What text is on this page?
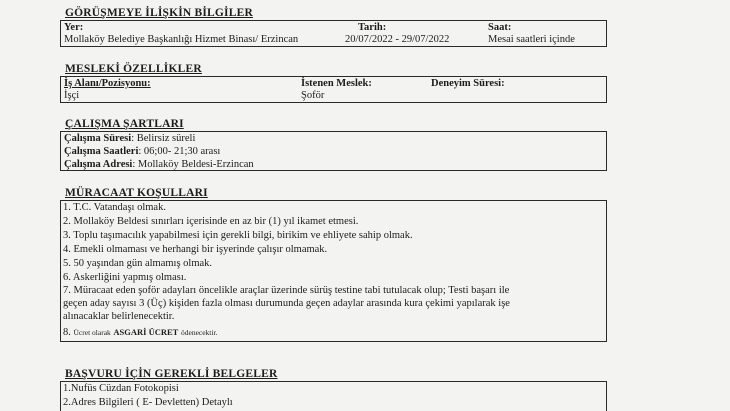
GÖRÜŞMEYE İLİŞKİN BİLGİLER
Yer:
Mollaköy Belediye Başkanlığı Hizmet Binası/ Erzincan
Tarih:
20/07/2022 - 29/07/2022
Saat:
Mesai saatleri içinde
MESLEKİ ÖZELLİKLER
İş Alanı/Pozisyonu:
İşçi
İstenen Meslek:
Şoför
Deneyim Süresi:
ÇALIŞMA ŞARTLARI
Çalışma Süresi: Belirsiz süreli
Çalışma Saatleri: 06;00- 21;30 arası
Çalışma Adresi: Mollaköy Beldesi-Erzincan
MÜRACAAT KOŞULLARI
1. T.C. Vatandaşı olmak.
2. Mollaköy Beldesi sınırları içerisinde en az bir (1) yıl ikamet etmesi.
3. Toplu taşımacılık yapabilmesi için gerekli bilgi, birikim ve ehliyete sahip olmak.
4. Emekli olmaması ve herhangi bir işyerinde çalışır olmamak.
5. 50 yaşından gün almamış olmak.
6. Askerliğini yapmış olması.
7. Müracaat eden şoför adayları öncelikle araçlar üzerinde sürüş testine tabi tutulacak olup; Testi başarı ile
geçen aday sayısı 3 (Üç) kişiden fazla olması durumunda geçen adaylar arasında kura çekimi yapılarak işe
alınacaklar belirlenecektir.
8. Ücret olarak ASGARİ ÜCRET ödenecektir.
BAŞVURU İÇİN GEREKLİ BELGELER
1.Nufüs Cüzdan Fotokopisi
2.Adres Bilgileri ( E- Devletten) Detaylı
